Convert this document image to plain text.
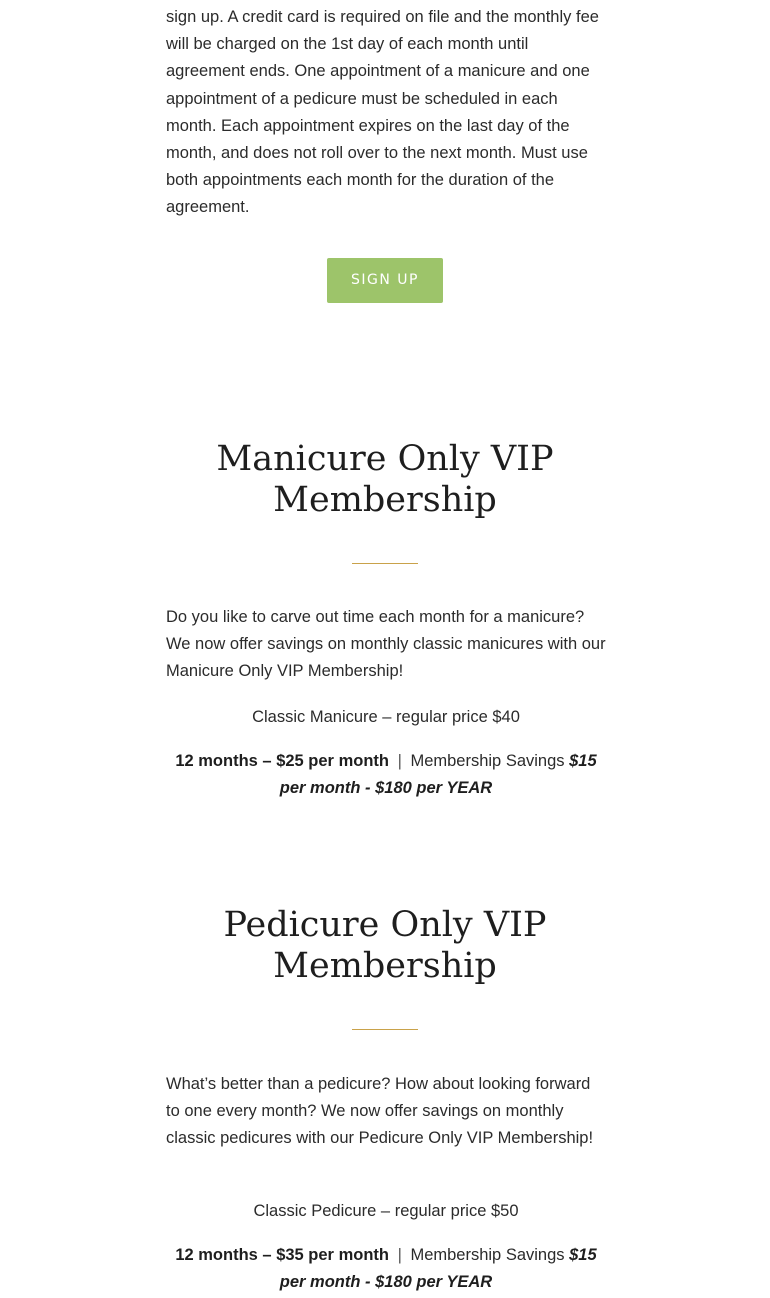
sign up. A credit card is required on file and the monthly fee will be charged on the 1st day of each month until agreement ends. One appointment of a manicure and one appointment of a pedicure must be scheduled in each month. Each appointment expires on the last day of the month, and does not roll over to the next month. Must use both appointments each month for the duration of the agreement.

SIGN UP
Manicure Only VIP
Membership

Do you like to carve out time each month for a manicure? We now offer savings on monthly classic manicures with our Manicure Only VIP Membership!

Classic Manicure – regular price $40

12 months – $25 per month | Membership Savings $15 per month - $180 per YEAR

Pedicure Only VIP
Membership

What’s better than a pedicure? How about looking forward to one every month? We now offer savings on monthly classic pedicures with our Pedicure Only VIP Membership!

Classic Pedicure – regular price $50

12 months – $35 per month | Membership Savings $15 per month - $180 per YEAR
